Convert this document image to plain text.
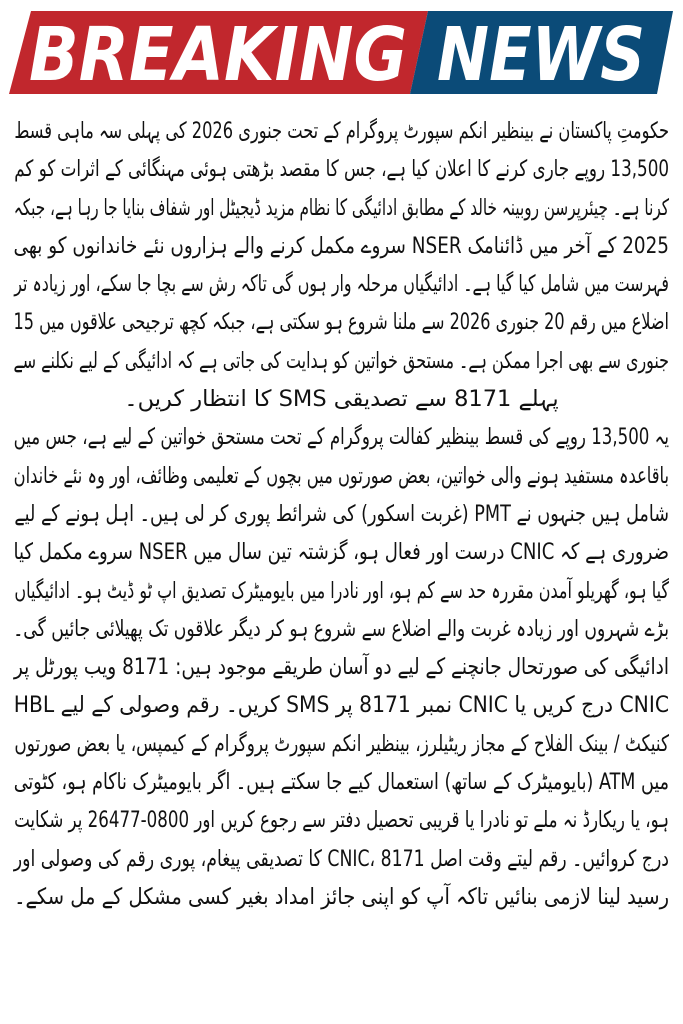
BREAKING NEWS

حکومتِ پاکستان نے بینظیر انکم سپورٹ پروگرام کے تحت جنوری 2026 کی پہلی سہ ماہی قسط
13,500 روپے جاری کرنے کا اعلان کیا ہے، جس کا مقصد بڑھتی ہوئی مہنگائی کے اثرات کو کم
کرنا ہے۔ چیئرپرسن روبینہ خالد کے مطابق ادائیگی کا نظام مزید ڈیجیٹل اور شفاف بنایا جا رہا ہے، جبکہ
2025 کے آخر میں ڈائنامک NSER سروے مکمل کرنے والے ہزاروں نئے خاندانوں کو بھی
فہرست میں شامل کیا گیا ہے۔ ادائیگیاں مرحلہ وار ہوں گی تاکہ رش سے بچا جا سکے، اور زیادہ تر
اضلاع میں رقم 20 جنوری 2026 سے ملنا شروع ہو سکتی ہے، جبکہ کچھ ترجیحی علاقوں میں 15
جنوری سے بھی اجرا ممکن ہے۔ مستحق خواتین کو ہدایت کی جاتی ہے کہ ادائیگی کے لیے نکلنے سے
پہلے 8171 سے تصدیقی SMS کا انتظار کریں۔

یہ 13,500 روپے کی قسط بینظیر کفالت پروگرام کے تحت مستحق خواتین کے لیے ہے، جس میں
باقاعدہ مستفید ہونے والی خواتین، بعض صورتوں میں بچوں کے تعلیمی وظائف، اور وہ نئے خاندان
شامل ہیں جنہوں نے PMT (غربت اسکور) کی شرائط پوری کر لی ہیں۔ اہل ہونے کے لیے
ضروری ہے کہ CNIC درست اور فعال ہو، گزشتہ تین سال میں NSER سروے مکمل کیا
گیا ہو، گھریلو آمدن مقررہ حد سے کم ہو، اور نادرا میں بایومیٹرک تصدیق اپ ٹو ڈیٹ ہو۔ ادائیگیاں
بڑے شہروں اور زیادہ غربت والے اضلاع سے شروع ہو کر دیگر علاقوں تک پھیلائی جائیں گی۔

ادائیگی کی صورتحال جانچنے کے لیے دو آسان طریقے موجود ہیں: 8171 ویب پورٹل پر
CNIC درج کریں یا CNIC نمبر 8171 پر SMS کریں۔ رقم وصولی کے لیے HBL
کنیکٹ / بینک الفلاح کے مجاز ریٹیلرز، بینظیر انکم سپورٹ پروگرام کے کیمپس، یا بعض صورتوں
میں ATM (بایومیٹرک کے ساتھ) استعمال کیے جا سکتے ہیں۔ اگر بایومیٹرک ناکام ہو، کٹوتی
ہو، یا ریکارڈ نہ ملے تو نادرا یا قریبی تحصیل دفتر سے رجوع کریں اور 0800-26477 پر شکایت
درج کروائیں۔ رقم لیتے وقت اصل CNIC، 8171 کا تصدیقی پیغام، پوری رقم کی وصولی اور
رسید لینا لازمی بنائیں تاکہ آپ کو اپنی جائز امداد بغیر کسی مشکل کے مل سکے۔
